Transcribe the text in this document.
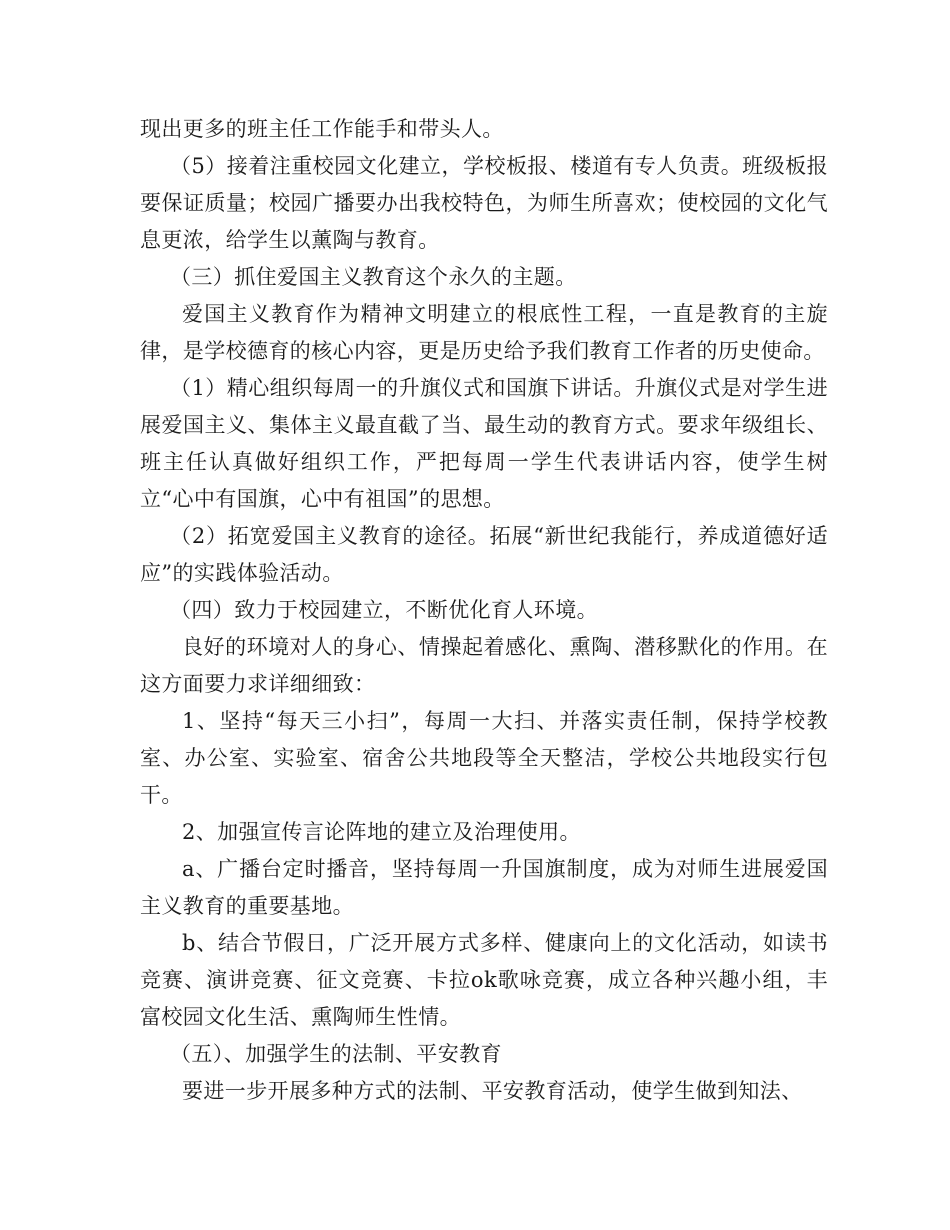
现出更多的班主任工作能手和带头人。

（5）接着注重校园文化建立，学校板报、楼道有专人负责。班级板报要保证质量；校园广播要办出我校特色，为师生所喜欢；使校园的文化气息更浓，给学生以薰陶与教育。

（三）抓住爱国主义教育这个永久的主题。

爱国主义教育作为精神文明建立的根底性工程，一直是教育的主旋律，是学校德育的核心内容，更是历史给予我们教育工作者的历史使命。

（1）精心组织每周一的升旗仪式和国旗下讲话。升旗仪式是对学生进展爱国主义、集体主义最直截了当、最生动的教育方式。要求年级组长、班主任认真做好组织工作，严把每周一学生代表讲话内容，使学生树立“心中有国旗，心中有祖国”的思想。

（2）拓宽爱国主义教育的途径。拓展“新世纪我能行，养成道德好适应”的实践体验活动。

（四）致力于校园建立，不断优化育人环境。

良好的环境对人的身心、情操起着感化、熏陶、潜移默化的作用。在这方面要力求详细细致：

1、坚持“每天三小扫”，每周一大扫、并落实责任制，保持学校教室、办公室、实验室、宿舍公共地段等全天整洁，学校公共地段实行包干。

2、加强宣传言论阵地的建立及治理使用。

a、广播台定时播音，坚持每周一升国旗制度，成为对师生进展爱国主义教育的重要基地。

b、结合节假日，广泛开展方式多样、健康向上的文化活动，如读书竞赛、演讲竞赛、征文竞赛、卡拉ok歌咏竞赛，成立各种兴趣小组，丰富校园文化生活、熏陶师生性情。

（五）、加强学生的法制、平安教育

要进一步开展多种方式的法制、平安教育活动，使学生做到知法、
